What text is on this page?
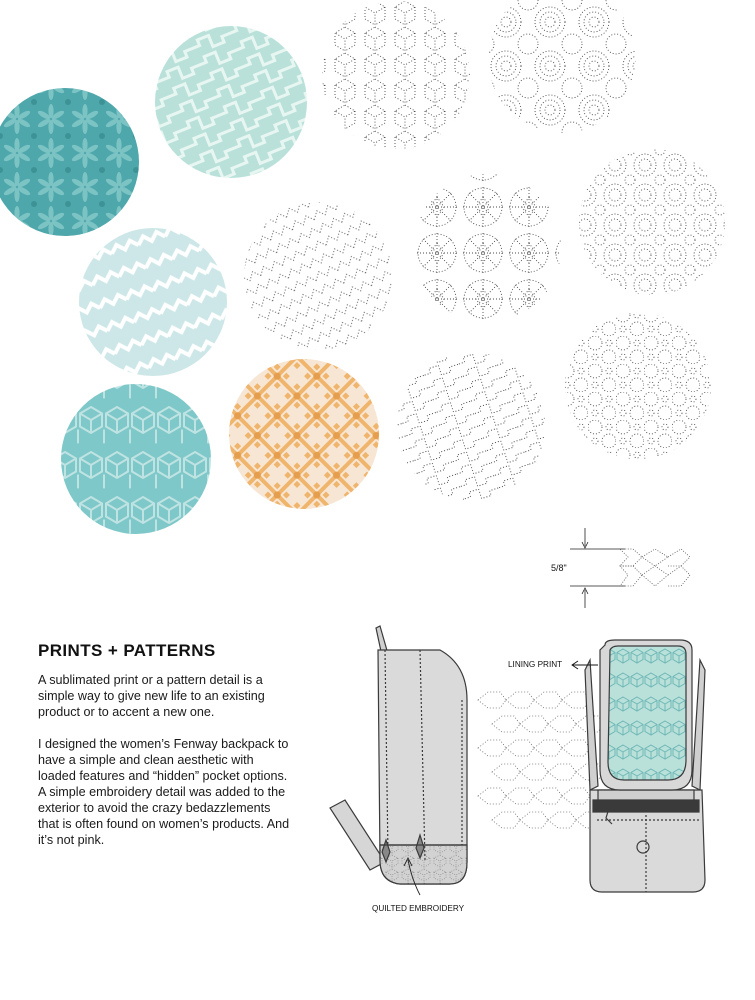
PRINTS + PATTERNS

A sublimated print or a pattern detail is a simple way to give new life to an existing product or to accent a new one.

I designed the women’s Fenway backpack to have a simple and clean aesthetic with loaded features and “hidden” pocket options. A simple embroidery detail was added to the exterior to avoid the crazy bedazzlements that is often found on women’s products. And it’s not pink.

5/8"
QUILTED EMBROIDERY
LINING PRINT
